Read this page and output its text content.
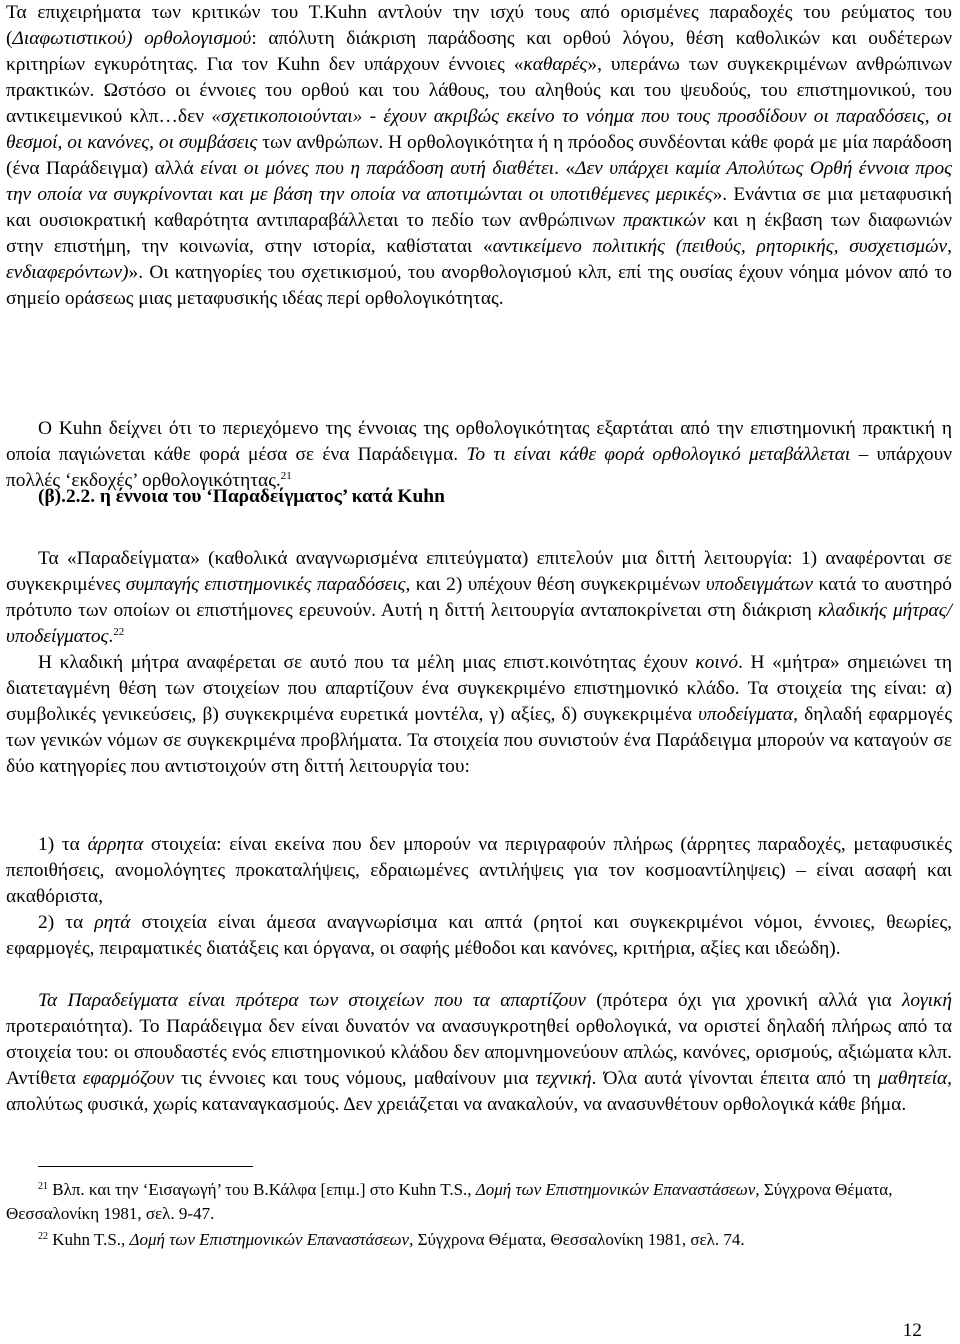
Τα επιχειρήματα των κριτικών του Τ.Kuhn αντλούν την ισχύ τους από ορισμένες παραδοχές του ρεύματος του (Διαφωτιστικού) ορθολογισμού: απόλυτη διάκριση παράδοσης και ορθού λόγου, θέση καθολικών και ουδέτερων κριτηρίων εγκυρότητας. Για τον Kuhn δεν υπάρχουν έννοιες «καθαρές», υπεράνω των συγκεκριμένων ανθρώπινων πρακτικών. Ωστόσο οι έννοιες του ορθού και του λάθους, του αληθούς και του ψευδούς, του επιστημονικού, του αντικειμενικού κλπ…δεν «σχετικοποιούνται» - έχουν ακριβώς εκείνο το νόημα που τους προσδίδουν οι παραδόσεις, οι θεσμοί, οι κανόνες, οι συμβάσεις των ανθρώπων. Η ορθολογικότητα ή η πρόοδος συνδέονται κάθε φορά με μία παράδοση (ένα Παράδειγμα) αλλά είναι οι μόνες που η παράδοση αυτή διαθέτει. «Δεν υπάρχει καμία Απολύτως Ορθή έννοια προς την οποία να συγκρίνονται και με βάση την οποία να αποτιμώνται οι υποτιθέμενες μερικές». Ενάντια σε μια μεταφυσική και ουσιοκρατική καθαρότητα αντιπαραβάλλεται το πεδίο των ανθρώπινων πρακτικών και η έκβαση των διαφωνιών στην επιστήμη, την κοινωνία, στην ιστορία, καθίσταται «αντικείμενο πολιτικής (πειθούς, ρητορικής, συσχετισμών, ενδιαφερόντων)». Οι κατηγορίες του σχετικισμού, του ανορθολογισμού κλπ, επί της ουσίας έχουν νόημα μόνον από το σημείο οράσεως μιας μεταφυσικής ιδέας περί ορθολογικότητας.

Ο Kuhn δείχνει ότι το περιεχόμενο της έννοιας της ορθολογικότητας εξαρτάται από την επιστημονική πρακτική η οποία παγιώνεται κάθε φορά μέσα σε ένα Παράδειγμα. Το τι είναι κάθε φορά ορθολογικό μεταβάλλεται – υπάρχουν πολλές ‘εκδοχές’ ορθολογικότητας.$^{21}$

(β).2.2. η έννοια του ‘Παραδείγματος’ κατά Kuhn

Τα «Παραδείγματα» (καθολικά αναγνωρισμένα επιτεύγματα) επιτελούν μια διττή λειτουργία: 1) αναφέρονται σε συγκεκριμένες συμπαγής επιστημονικές παραδόσεις, και 2) υπέχουν θέση συγκεκριμένων υποδειγμάτων κατά το αυστηρό πρότυπο των οποίων οι επιστήμονες ερευνούν. Αυτή η διττή λειτουργία ανταποκρίνεται στη διάκριση κλαδικής μήτρας/ υποδείγματος.$^{22}$

Η κλαδική μήτρα αναφέρεται σε αυτό που τα μέλη μιας επιστ.κοινότητας έχουν κοινό. Η «μήτρα» σημειώνει τη διατεταγμένη θέση των στοιχείων που απαρτίζουν ένα συγκεκριμένο επιστημονικό κλάδο. Τα στοιχεία της είναι: α) συμβολικές γενικεύσεις, β) συγκεκριμένα ευρετικά μοντέλα, γ) αξίες, δ) συγκεκριμένα υποδείγματα, δηλαδή εφαρμογές των γενικών νόμων σε συγκεκριμένα προβλήματα. Τα στοιχεία που συνιστούν ένα Παράδειγμα μπορούν να καταγούν σε δύο κατηγορίες που αντιστοιχούν στη διττή λειτουργία του:

1) τα άρρητα στοιχεία: είναι εκείνα που δεν μπορούν να περιγραφούν πλήρως (άρρητες παραδοχές, μεταφυσικές πεποιθήσεις, ανομολόγητες προκαταλήψεις, εδραιωμένες αντιλήψεις για τον κοσμοαντίληψεις) – είναι ασαφή και ακαθόριστα,

2) τα ρητά στοιχεία είναι άμεσα αναγνωρίσιμα και απτά (ρητοί και συγκεκριμένοι νόμοι, έννοιες, θεωρίες, εφαρμογές, πειραματικές διατάξεις και όργανα, οι σαφής μέθοδοι και κανόνες, κριτήρια, αξίες και ιδεώδη).

Τα Παραδείγματα είναι πρότερα των στοιχείων που τα απαρτίζουν (πρότερα όχι για χρονική αλλά για λογική προτεραιότητα). Το Παράδειγμα δεν είναι δυνατόν να ανασυγκροτηθεί ορθολογικά, να οριστεί δηλαδή πλήρως από τα στοιχεία του: οι σπουδαστές ενός επιστημονικού κλάδου δεν απομνημονεύουν απλώς, κανόνες, ορισμούς, αξιώματα κλπ. Αντίθετα εφαρμόζουν τις έννοιες και τους νόμους, μαθαίνουν μια τεχνική. Όλα αυτά γίνονται έπειτα από τη μαθητεία, απολύτως φυσικά, χωρίς καταναγκασμούς. Δεν χρειάζεται να ανακαλούν, να ανασυνθέτουν ορθολογικά κάθε βήμα.

$^{21}$ Βλπ. και την ‘Εισαγωγή’ του Β.Κάλφα [επιμ.] στο Kuhn T.S., Δομή των Επιστημονικών Επαναστάσεων, Σύγχρονα Θέματα, Θεσσαλονίκη 1981, σελ. 9-47.

$^{22}$ Kuhn T.S., Δομή των Επιστημονικών Επαναστάσεων, Σύγχρονα Θέματα, Θεσσαλονίκη 1981, σελ. 74.

12
